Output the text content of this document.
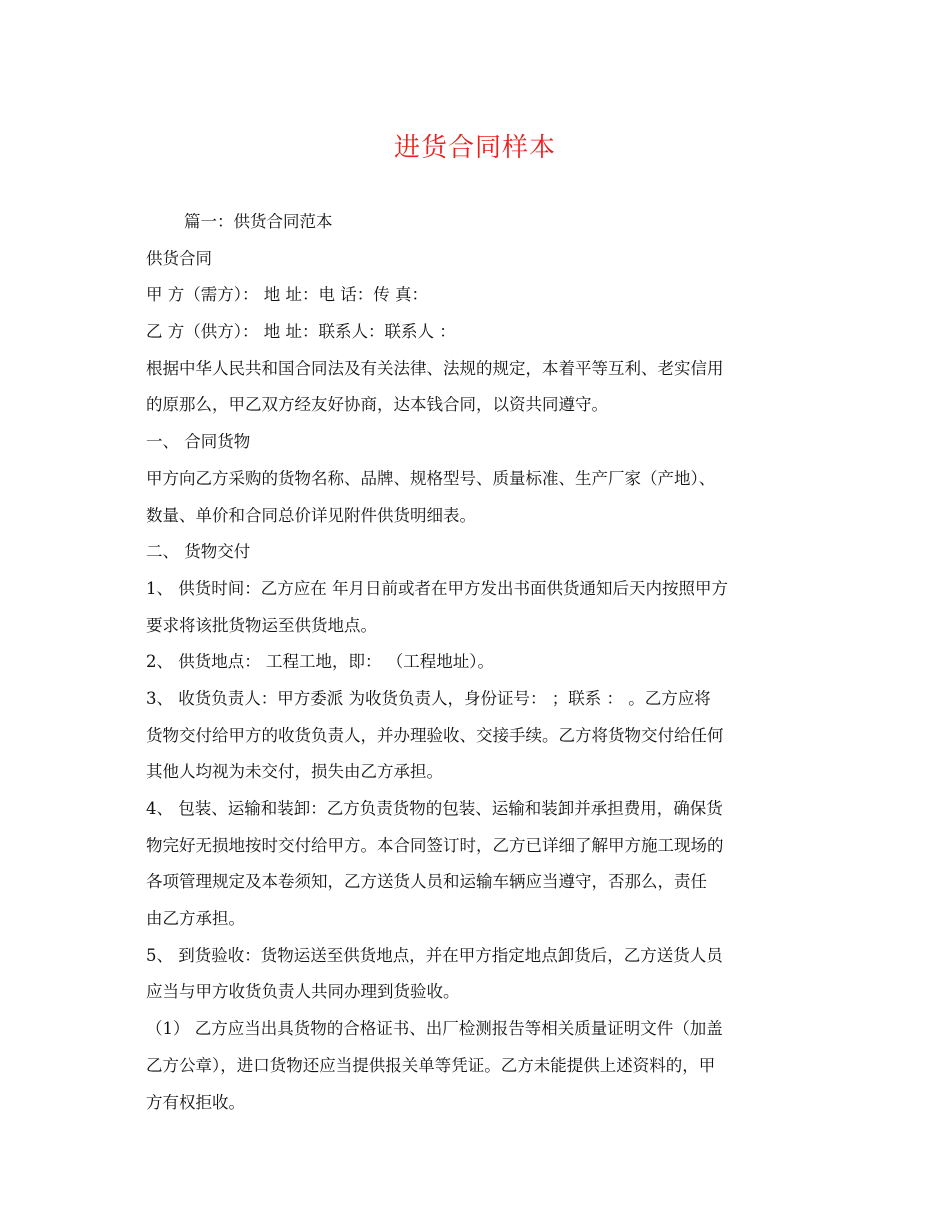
进货合同样本
篇一：供货合同范本
供货合同
甲 方（需方）： 地 址：电 话：传 真：
乙 方（供方）： 地 址：联系人：联系人 ：
根据中华人民共和国合同法及有关法律、法规的规定，本着平等互利、老实信用
的原那么，甲乙双方经友好协商，达本钱合同，以资共同遵守。
一、 合同货物
甲方向乙方采购的货物名称、品牌、规格型号、质量标准、生产厂家（产地）、
数量、单价和合同总价详见附件供货明细表。
二、 货物交付
1、 供货时间：乙方应在 年月日前或者在甲方发出书面供货通知后天内按照甲方
要求将该批货物运至供货地点。
2、 供货地点： 工程工地，即： （工程地址）。
3、 收货负责人：甲方委派 为收货负责人，身份证号： ；联系 ： 。乙方应将
货物交付给甲方的收货负责人，并办理验收、交接手续。乙方将货物交付给任何
其他人均视为未交付，损失由乙方承担。
4、 包装、运输和装卸：乙方负责货物的包装、运输和装卸并承担费用，确保货
物完好无损地按时交付给甲方。本合同签订时，乙方已详细了解甲方施工现场的
各项管理规定及本卷须知，乙方送货人员和运输车辆应当遵守，否那么，责任
由乙方承担。
5、 到货验收：货物运送至供货地点，并在甲方指定地点卸货后，乙方送货人员
应当与甲方收货负责人共同办理到货验收。
（1） 乙方应当出具货物的合格证书、出厂检测报告等相关质量证明文件（加盖
乙方公章），进口货物还应当提供报关单等凭证。乙方未能提供上述资料的，甲
方有权拒收。
